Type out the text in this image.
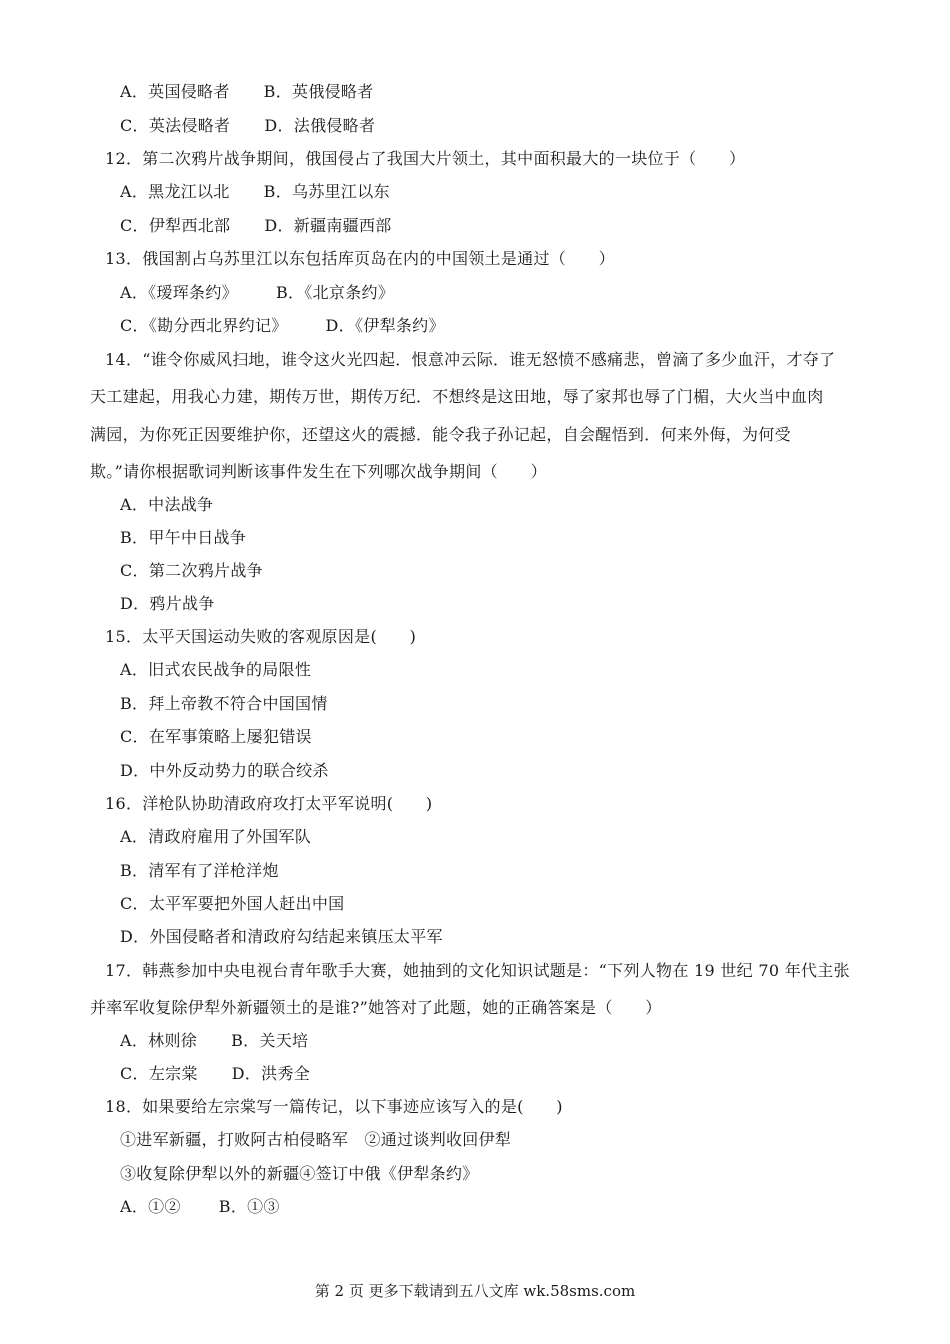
A．英国侵略者 B．英俄侵略者
C．英法侵略者 D．法俄侵略者
12．第二次鸦片战争期间，俄国侵占了我国大片领土，其中面积最大的一块位于（　　）
A．黑龙江以北 B．乌苏里江以东
C．伊犁西北部 D．新疆南疆西部
13．俄国割占乌苏里江以东包括库页岛在内的中国领土是通过（　　）
A．《瑷珲条约》 B．《北京条约》
C．《勘分西北界约记》 D．《伊犁条约》
14．“谁令你威风扫地，谁令这火光四起．恨意冲云际．谁无怒愤不感痛悲，曾滴了多少血汗，才夺了
天工建起，用我心力建，期传万世，期传万纪．不想终是这田地，辱了家邦也辱了门楣，大火当中血肉
满园，为你死正因要维护你，还望这火的震撼．能令我子孙记起，自会醒悟到．何来外侮，为何受
欺。”请你根据歌词判断该事件发生在下列哪次战争期间（　　）
A．中法战争
B．甲午中日战争
C．第二次鸦片战争
D．鸦片战争
15．太平天国运动失败的客观原因是(　　)
A．旧式农民战争的局限性
B．拜上帝教不符合中国国情
C．在军事策略上屡犯错误
D．中外反动势力的联合绞杀
16．洋枪队协助清政府攻打太平军说明(　　)
A．清政府雇用了外国军队
B．清军有了洋枪洋炮
C．太平军要把外国人赶出中国
D．外国侵略者和清政府勾结起来镇压太平军
17．韩燕参加中央电视台青年歌手大赛，她抽到的文化知识试题是：“下列人物在 19 世纪 70 年代主张
并率军收复除伊犁外新疆领土的是谁?”她答对了此题，她的正确答案是（　　）
A．林则徐 B．关天培
C．左宗棠 D．洪秀全
18．如果要给左宗棠写一篇传记，以下事迹应该写入的是(　　)
①进军新疆，打败阿古柏侵略军　②通过谈判收回伊犁
③收复除伊犁以外的新疆④签订中俄《伊犁条约》
A．①② B．①③
第 2 页 更多下载请到五八文库 wk.58sms.com
